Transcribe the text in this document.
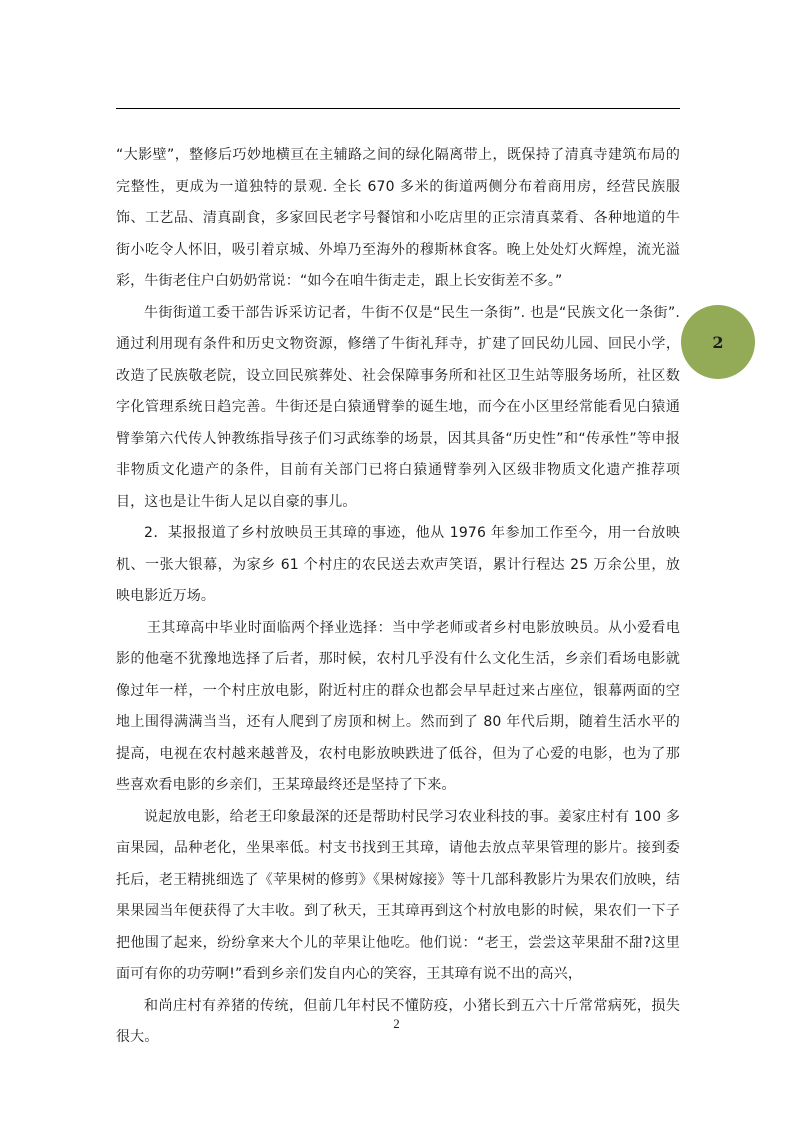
2

“大影壁”，整修后巧妙地横亘在主辅路之间的绿化隔离带上，既保持了清真寺建筑布局的完整性，更成为一道独特的景观. 全长 670 多米的街道两侧分布着商用房，经营民族服饰、工艺品、清真副食，多家回民老字号餐馆和小吃店里的正宗清真菜肴、各种地道的牛街小吃令人怀旧，吸引着京城、外埠乃至海外的穆斯林食客。晚上处处灯火辉煌，流光溢彩，牛街老住户白奶奶常说：“如今在咱牛街走走，跟上长安街差不多。”

牛街街道工委干部告诉采访记者，牛街不仅是“民生一条街”. 也是“民族文化一条街”. 通过利用现有条件和历史文物资源，修缮了牛街礼拜寺，扩建了回民幼儿园、回民小学，改造了民族敬老院，设立回民殡葬处、社会保障事务所和社区卫生站等服务场所，社区数字化管理系统日趋完善。牛街还是白猿通臂拳的诞生地，而今在小区里经常能看见白猿通臂拳第六代传人钟教练指导孩子们习武练拳的场景，因其具备“历史性”和“传承性”等申报非物质文化遗产的条件，目前有关部门已将白猿通臂拳列入区级非物质文化遗产推荐项目，这也是让牛街人足以自豪的事儿。

2．某报报道了乡村放映员王其璋的事迹，他从 1976 年参加工作至今，用一台放映机、一张大银幕，为家乡 61 个村庄的农民送去欢声笑语，累计行程达 25 万余公里，放映电影近万场。

王其璋高中毕业时面临两个择业选择：当中学老师或者乡村电影放映员。从小爱看电影的他毫不犹豫地选择了后者，那时候，农村几乎没有什么文化生活，乡亲们看场电影就像过年一样，一个村庄放电影，附近村庄的群众也都会早早赶过来占座位，银幕两面的空地上围得满满当当，还有人爬到了房顶和树上。然而到了 80 年代后期，随着生活水平的提高，电视在农村越来越普及，农村电影放映跌进了低谷，但为了心爱的电影，也为了那些喜欢看电影的乡亲们，王某璋最终还是坚持了下来。

说起放电影，给老王印象最深的还是帮助村民学习农业科技的事。姜家庄村有 100 多亩果园，品种老化，坐果率低。村支书找到王其璋，请他去放点苹果管理的影片。接到委托后，老王精挑细选了《苹果树的修剪》《果树嫁接》等十几部科教影片为果农们放映，结果果园当年便获得了大丰收。到了秋天，王其璋再到这个村放电影的时候，果农们一下子把他围了起来，纷纷拿来大个儿的苹果让他吃。他们说：“老王，尝尝这苹果甜不甜?这里面可有你的功劳啊!”看到乡亲们发自内心的笑容，王其璋有说不出的高兴，

和尚庄村有养猪的传统，但前几年村民不懂防疫，小猪长到五六十斤常常病死，损失很大。

2
